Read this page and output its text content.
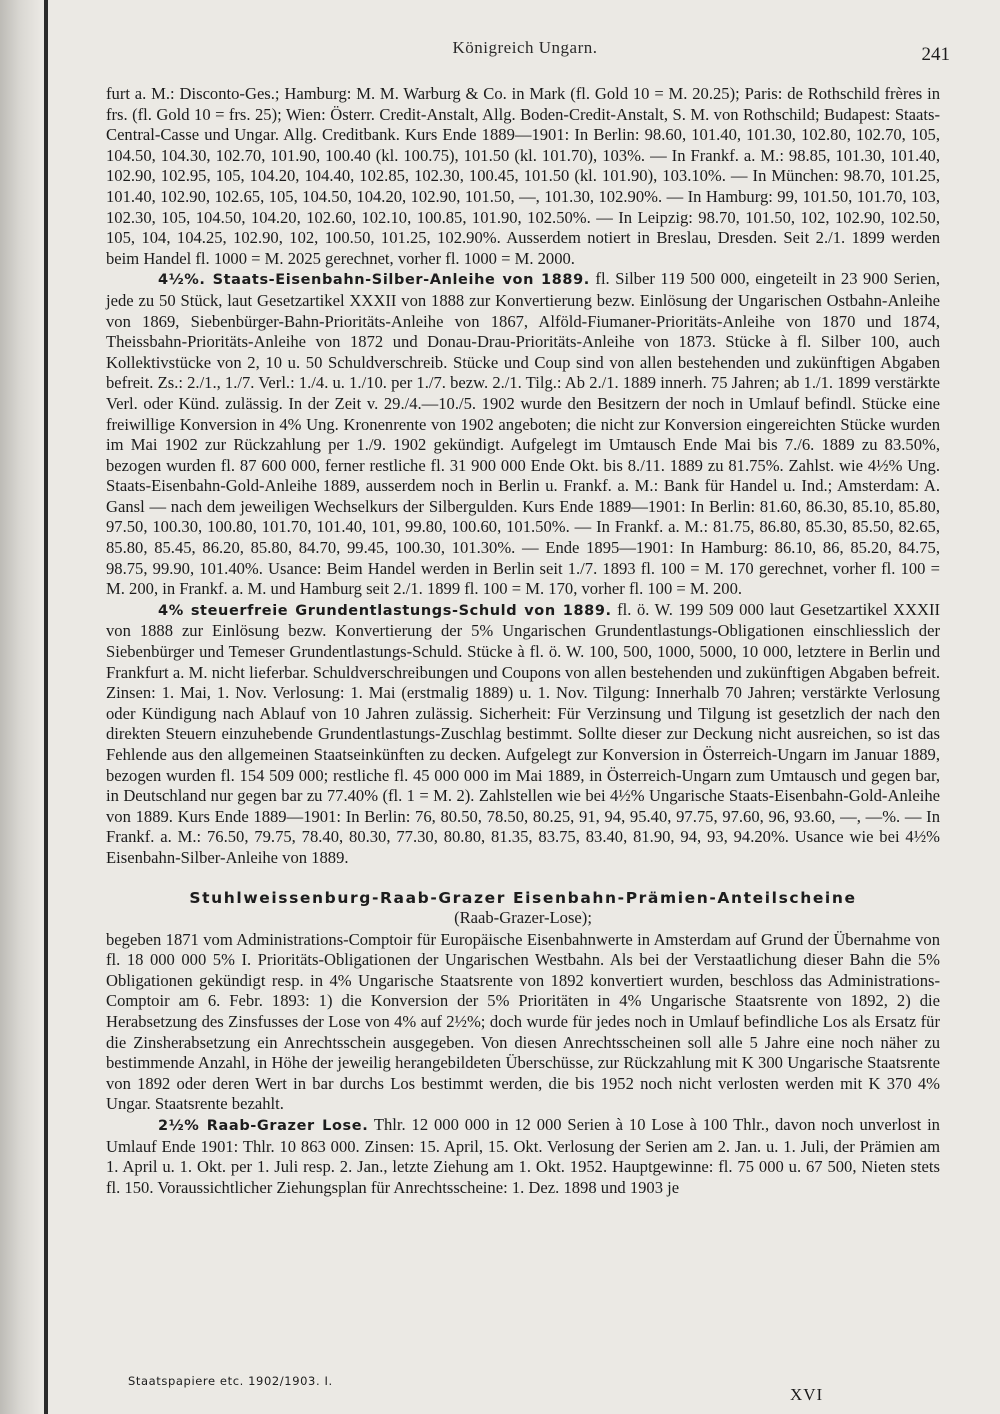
Königreich Ungarn.	241

furt a. M.: Disconto-Ges.; Hamburg: M. M. Warburg & Co. in Mark (fl. Gold 10 = M. 20.25); Paris: de Rothschild frères in frs. (fl. Gold 10 = frs. 25); Wien: Österr. Credit-Anstalt, Allg. Boden-Credit-Anstalt, S. M. von Rothschild; Budapest: Staats-Central-Casse und Ungar. Allg. Creditbank. Kurs Ende 1889—1901: In Berlin: 98.60, 101.40, 101.30, 102.80, 102.70, 105, 104.50, 104.30, 102.70, 101.90, 100.40 (kl. 100.75), 101.50 (kl. 101.70), 103%. — In Frankf. a. M.: 98.85, 101.30, 101.40, 102.90, 102.95, 105, 104.20, 104.40, 102.85, 102.30, 100.45, 101.50 (kl. 101.90), 103.10%. — In München: 98.70, 101.25, 101.40, 102.90, 102.65, 105, 104.50, 104.20, 102.90, 101.50, —, 101.30, 102.90%. — In Hamburg: 99, 101.50, 101.70, 103, 102.30, 105, 104.50, 104.20, 102.60, 102.10, 100.85, 101.90, 102.50%. — In Leipzig: 98.70, 101.50, 102, 102.90, 102.50, 105, 104, 104.25, 102.90, 102, 100.50, 101.25, 102.90%. Ausserdem notiert in Breslau, Dresden. Seit 2./1. 1899 werden beim Handel fl. 1000 = M. 2025 gerechnet, vorher fl. 1000 = M. 2000.

4½%. Staats-Eisenbahn-Silber-Anleihe von 1889. fl. Silber 119 500 000, eingeteilt in 23 900 Serien, jede zu 50 Stück, laut Gesetzartikel XXXII von 1888 zur Konvertierung bezw. Einlösung der Ungarischen Ostbahn-Anleihe von 1869, Siebenbürger-Bahn-Prioritäts-Anleihe von 1867, Alföld-Fiumaner-Prioritäts-Anleihe von 1870 und 1874, Theissbahn-Prioritäts-Anleihe von 1872 und Donau-Drau-Prioritäts-Anleihe von 1873. Stücke à fl. Silber 100, auch Kollektivstücke von 2, 10 u. 50 Schuldverschreib. Stücke und Coup sind von allen bestehenden und zukünftigen Abgaben befreit. Zs.: 2./1., 1./7. Verl.: 1./4. u. 1./10. per 1./7. bezw. 2./1. Tilg.: Ab 2./1. 1889 innerh. 75 Jahren; ab 1./1. 1899 verstärkte Verl. oder Künd. zulässig. In der Zeit v. 29./4.—10./5. 1902 wurde den Besitzern der noch in Umlauf befindl. Stücke eine freiwillige Konversion in 4% Ung. Kronenrente von 1902 angeboten; die nicht zur Konversion eingereichten Stücke wurden im Mai 1902 zur Rückzahlung per 1./9. 1902 gekündigt. Aufgelegt im Umtausch Ende Mai bis 7./6. 1889 zu 83.50%, bezogen wurden fl. 87 600 000, ferner restliche fl. 31 900 000 Ende Okt. bis 8./11. 1889 zu 81.75%. Zahlst. wie 4½% Ung. Staats-Eisenbahn-Gold-Anleihe 1889, ausserdem noch in Berlin u. Frankf. a. M.: Bank für Handel u. Ind.; Amsterdam: A. Gansl — nach dem jeweiligen Wechselkurs der Silbergulden. Kurs Ende 1889—1901: In Berlin: 81.60, 86.30, 85.10, 85.80, 97.50, 100.30, 100.80, 101.70, 101.40, 101, 99.80, 100.60, 101.50%. — In Frankf. a. M.: 81.75, 86.80, 85.30, 85.50, 82.65, 85.80, 85.45, 86.20, 85.80, 84.70, 99.45, 100.30, 101.30%. — Ende 1895—1901: In Hamburg: 86.10, 86, 85.20, 84.75, 98.75, 99.90, 101.40%. Usance: Beim Handel werden in Berlin seit 1./7. 1893 fl. 100 = M. 170 gerechnet, vorher fl. 100 = M. 200, in Frankf. a. M. und Hamburg seit 2./1. 1899 fl. 100 = M. 170, vorher fl. 100 = M. 200.

4% steuerfreie Grundentlastungs-Schuld von 1889. fl. ö. W. 199 509 000 laut Gesetzartikel XXXII von 1888 zur Einlösung bezw. Konvertierung der 5% Ungarischen Grundentlastungs-Obligationen einschliesslich der Siebenbürger und Temeser Grundentlastungs-Schuld. Stücke à fl. ö. W. 100, 500, 1000, 5000, 10 000, letztere in Berlin und Frankfurt a. M. nicht lieferbar. Schuldverschreibungen und Coupons von allen bestehenden und zukünftigen Abgaben befreit. Zinsen: 1. Mai, 1. Nov. Verlosung: 1. Mai (erstmalig 1889) u. 1. Nov. Tilgung: Innerhalb 70 Jahren; verstärkte Verlosung oder Kündigung nach Ablauf von 10 Jahren zulässig. Sicherheit: Für Verzinsung und Tilgung ist gesetzlich der nach den direkten Steuern einzuhebende Grundentlastungs-Zuschlag bestimmt. Sollte dieser zur Deckung nicht ausreichen, so ist das Fehlende aus den allgemeinen Staatseinkünften zu decken. Aufgelegt zur Konversion in Österreich-Ungarn im Januar 1889, bezogen wurden fl. 154 509 000; restliche fl. 45 000 000 im Mai 1889, in Österreich-Ungarn zum Umtausch und gegen bar, in Deutschland nur gegen bar zu 77.40% (fl. 1 = M. 2). Zahlstellen wie bei 4½% Ungarische Staats-Eisenbahn-Gold-Anleihe von 1889. Kurs Ende 1889—1901: In Berlin: 76, 80.50, 78.50, 80.25, 91, 94, 95.40, 97.75, 97.60, 96, 93.60, —, —%. — In Frankf. a. M.: 76.50, 79.75, 78.40, 80.30, 77.30, 80.80, 81.35, 83.75, 83.40, 81.90, 94, 93, 94.20%. Usance wie bei 4½% Eisenbahn-Silber-Anleihe von 1889.

Stuhlweissenburg-Raab-Grazer Eisenbahn-Prämien-Anteilscheine
(Raab-Grazer-Lose);

begeben 1871 vom Administrations-Comptoir für Europäische Eisenbahnwerte in Amsterdam auf Grund der Übernahme von fl. 18 000 000 5% I. Prioritäts-Obligationen der Ungarischen Westbahn. Als bei der Verstaatlichung dieser Bahn die 5% Obligationen gekündigt resp. in 4% Ungarische Staatsrente von 1892 konvertiert wurden, beschloss das Administrations-Comptoir am 6. Febr. 1893: 1) die Konversion der 5% Prioritäten in 4% Ungarische Staatsrente von 1892, 2) die Herabsetzung des Zinsfusses der Lose von 4% auf 2½%; doch wurde für jedes noch in Umlauf befindliche Los als Ersatz für die Zinsherabsetzung ein Anrechtsschein ausgegeben. Von diesen Anrechtsscheinen soll alle 5 Jahre eine noch näher zu bestimmende Anzahl, in Höhe der jeweilig herangebildeten Überschüsse, zur Rückzahlung mit K 300 Ungarische Staatsrente von 1892 oder deren Wert in bar durchs Los bestimmt werden, die bis 1952 noch nicht verlosten werden mit K 370 4% Ungar. Staatsrente bezahlt.

2½% Raab-Grazer Lose. Thlr. 12 000 000 in 12 000 Serien à 10 Lose à 100 Thlr., davon noch unverlost in Umlauf Ende 1901: Thlr. 10 863 000. Zinsen: 15. April, 15. Okt. Verlosung der Serien am 2. Jan. u. 1. Juli, der Prämien am 1. April u. 1. Okt. per 1. Juli resp. 2. Jan., letzte Ziehung am 1. Okt. 1952. Hauptgewinne: fl. 75 000 u. 67 500, Nieten stets fl. 150. Voraussichtlicher Ziehungsplan für Anrechtsscheine: 1. Dez. 1898 und 1903 je

Staatspapiere etc. 1902/1903. I.
XVI
